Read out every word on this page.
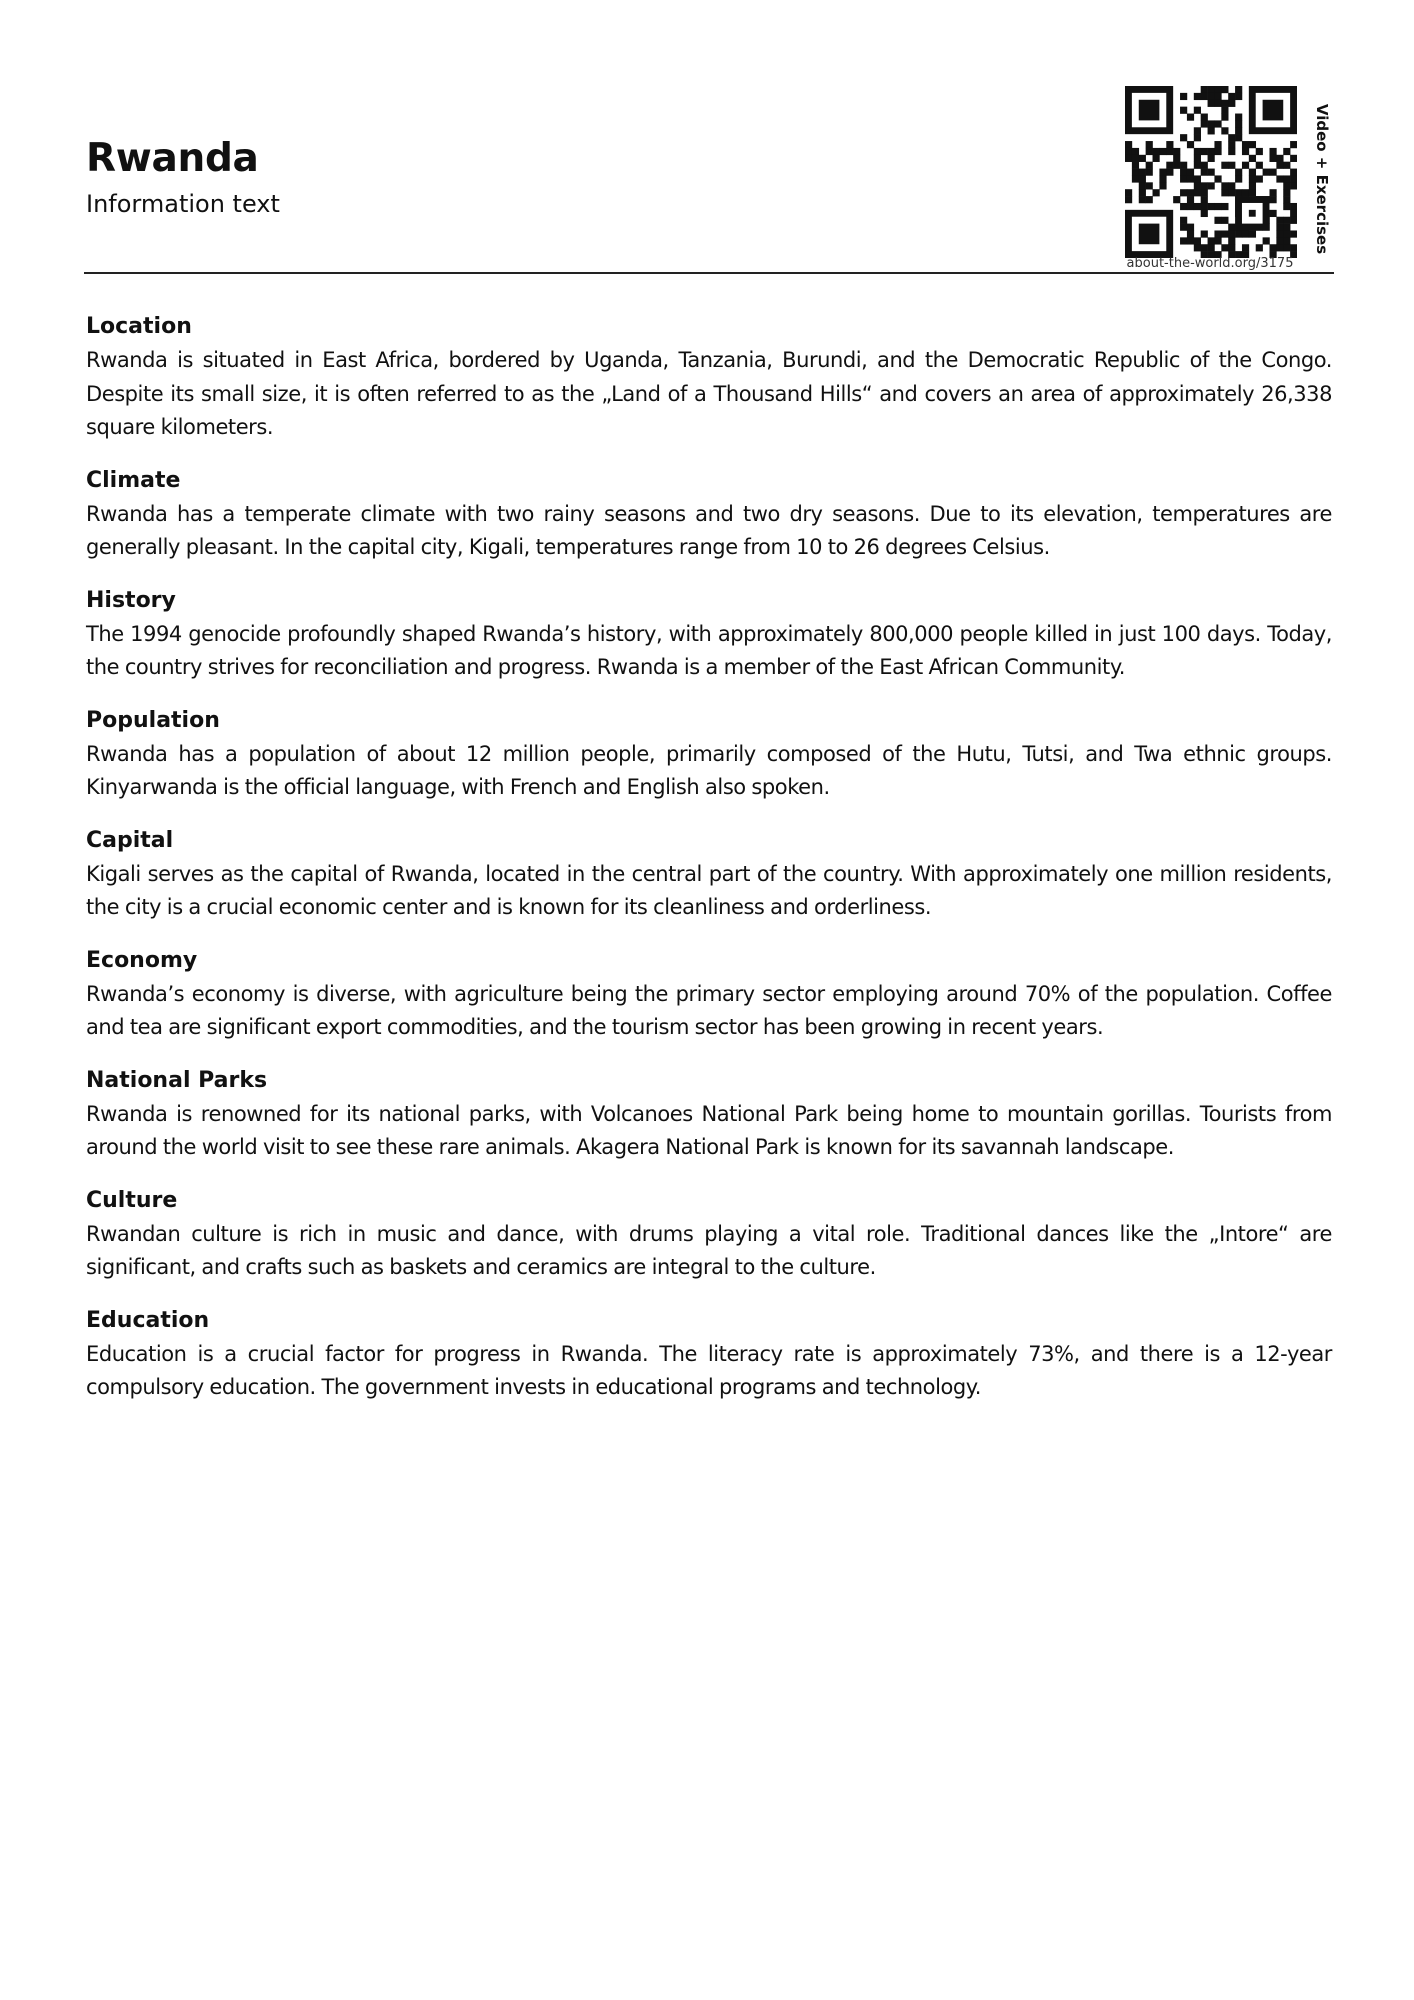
Rwanda
Information text	Video + Exercises
about-the-world.org/3175

Location

Rwanda is situated in East Africa, bordered by Uganda, Tanzania, Burundi, and the Democratic Republic of the Congo. Despite its small size, it is often referred to as the „Land of a Thousand Hills“ and covers an area of approximately 26,338 square kilometers.

Climate

Rwanda has a temperate climate with two rainy seasons and two dry seasons. Due to its elevation, temperatures are generally pleasant. In the capital city, Kigali, temperatures range from 10 to 26 degrees Celsius.

History

The 1994 genocide profoundly shaped Rwanda’s history, with approximately 800,000 people killed in just 100 days. Today, the country strives for reconciliation and progress. Rwanda is a member of the East African Community.

Population

Rwanda has a population of about 12 million people, primarily composed of the Hutu, Tutsi, and Twa ethnic groups. Kinyarwanda is the official language, with French and English also spoken.

Capital

Kigali serves as the capital of Rwanda, located in the central part of the country. With approximately one million residents, the city is a crucial economic center and is known for its cleanliness and orderliness.

Economy

Rwanda’s economy is diverse, with agriculture being the primary sector employing around 70% of the population. Coffee and tea are significant export commodities, and the tourism sector has been growing in recent years.

National Parks

Rwanda is renowned for its national parks, with Volcanoes National Park being home to mountain gorillas. Tourists from around the world visit to see these rare animals. Akagera National Park is known for its savannah landscape.

Culture

Rwandan culture is rich in music and dance, with drums playing a vital role. Traditional dances like the „Intore“ are significant, and crafts such as baskets and ceramics are integral to the culture.

Education

Education is a crucial factor for progress in Rwanda. The literacy rate is approximately 73%, and there is a 12-year compulsory education. The government invests in educational programs and technology.
